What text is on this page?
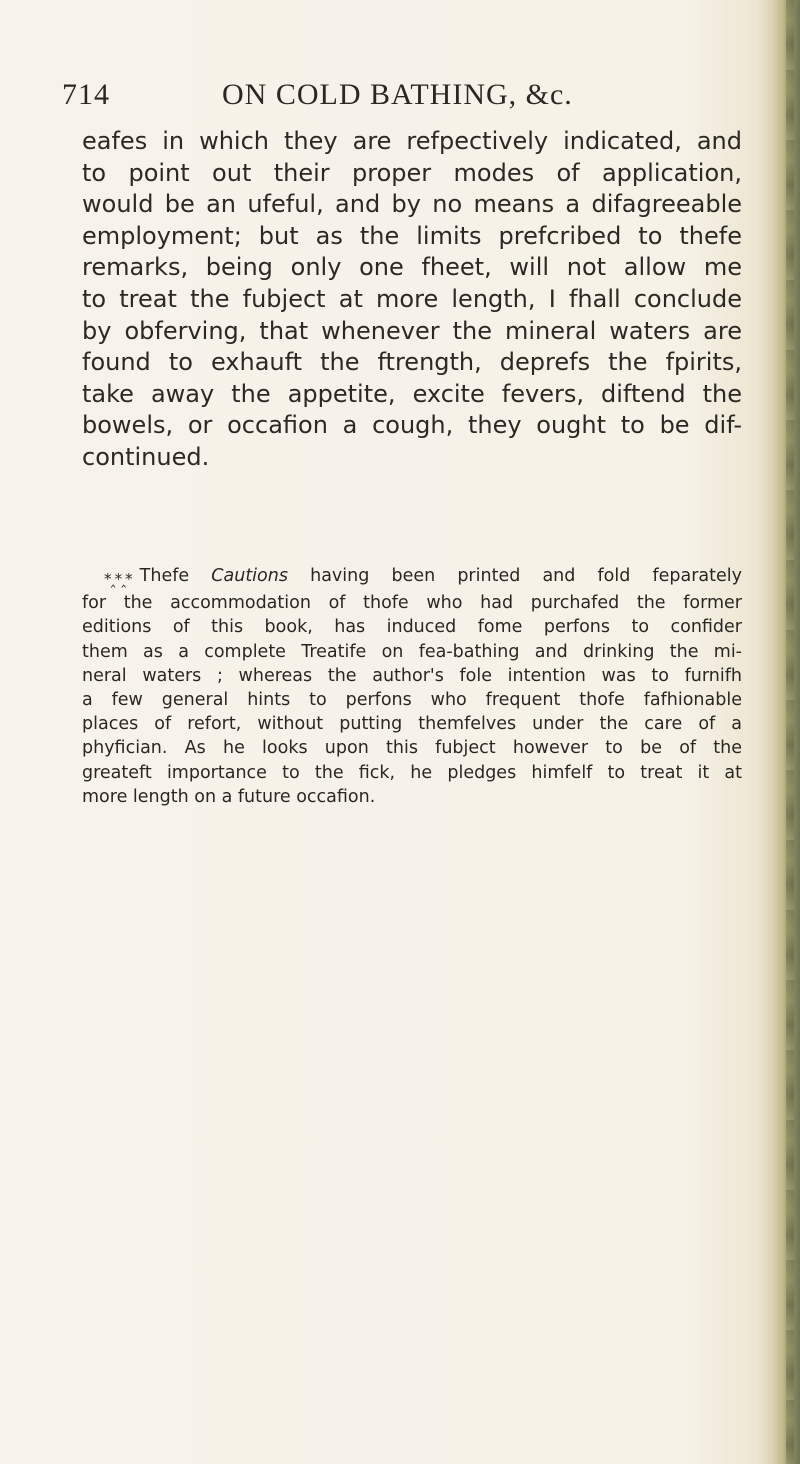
714	ON COLD BATHING, &c.
eafes in which they are refpectively indicated, and
to point out their proper modes of application,
would be an ufeful, and by no means a difagreeable
employment; but as the limits prefcribed to thefe
remarks, being only one fheet, will not allow me
to treat the fubject at more length, I fhall conclude
by obferving, that whenever the mineral waters are
found to exhauft the ftrength, deprefs the fpirits,
take away the appetite, excite fevers, diftend the
bowels, or occafion a cough, they ought to be dif-
continued.
*‸*‸* Thefe Cautions having been printed and fold feparately
for the accommodation of thofe who had purchafed the former
editions of this book, has induced fome perfons to confider
them as a complete Treatife on fea-bathing and drinking the mi-
neral waters ; whereas the author's fole intention was to furnifh
a few general hints to perfons who frequent thofe fafhionable
places of refort, without putting themfelves under the care of a
phyfician. As he looks upon this fubject however to be of the
greateft importance to the fick, he pledges himfelf to treat it at
more length on a future occafion.
